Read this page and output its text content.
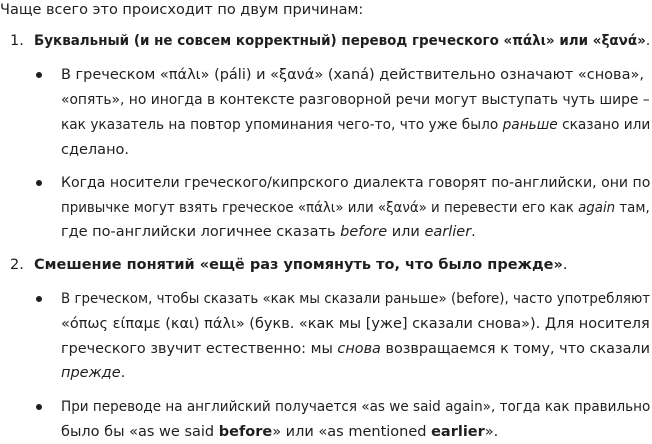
Чаще всего это происходит по двум причинам:
1. Буквальный (и не совсем корректный) перевод греческого «πάλι» или «ξανά».
В греческом «πάλι» (páli) и «ξανά» (xaná) действительно означают «снова»,
«опять», но иногда в контексте разговорной речи могут выступать чуть шире –
как указатель на повтор упоминания чего-то, что уже было раньше сказано или
сделано.
Когда носители греческого/кипрского диалекта говорят по-английски, они по
привычке могут взять греческое «πάλι» или «ξανά» и перевести его как again там,
где по-английски логичнее сказать before или earlier.
2. Смешение понятий «ещё раз упомянуть то, что было прежде».
В греческом, чтобы сказать «как мы сказали раньше» (before), часто употребляют
«όπως είπαμε (και) πάλι» (букв. «как мы [уже] сказали снова»). Для носителя
греческого звучит естественно: мы снова возвращаемся к тому, что сказали
прежде.
При переводе на английский получается «as we said again», тогда как правильно
было бы «as we said before» или «as mentioned earlier».
